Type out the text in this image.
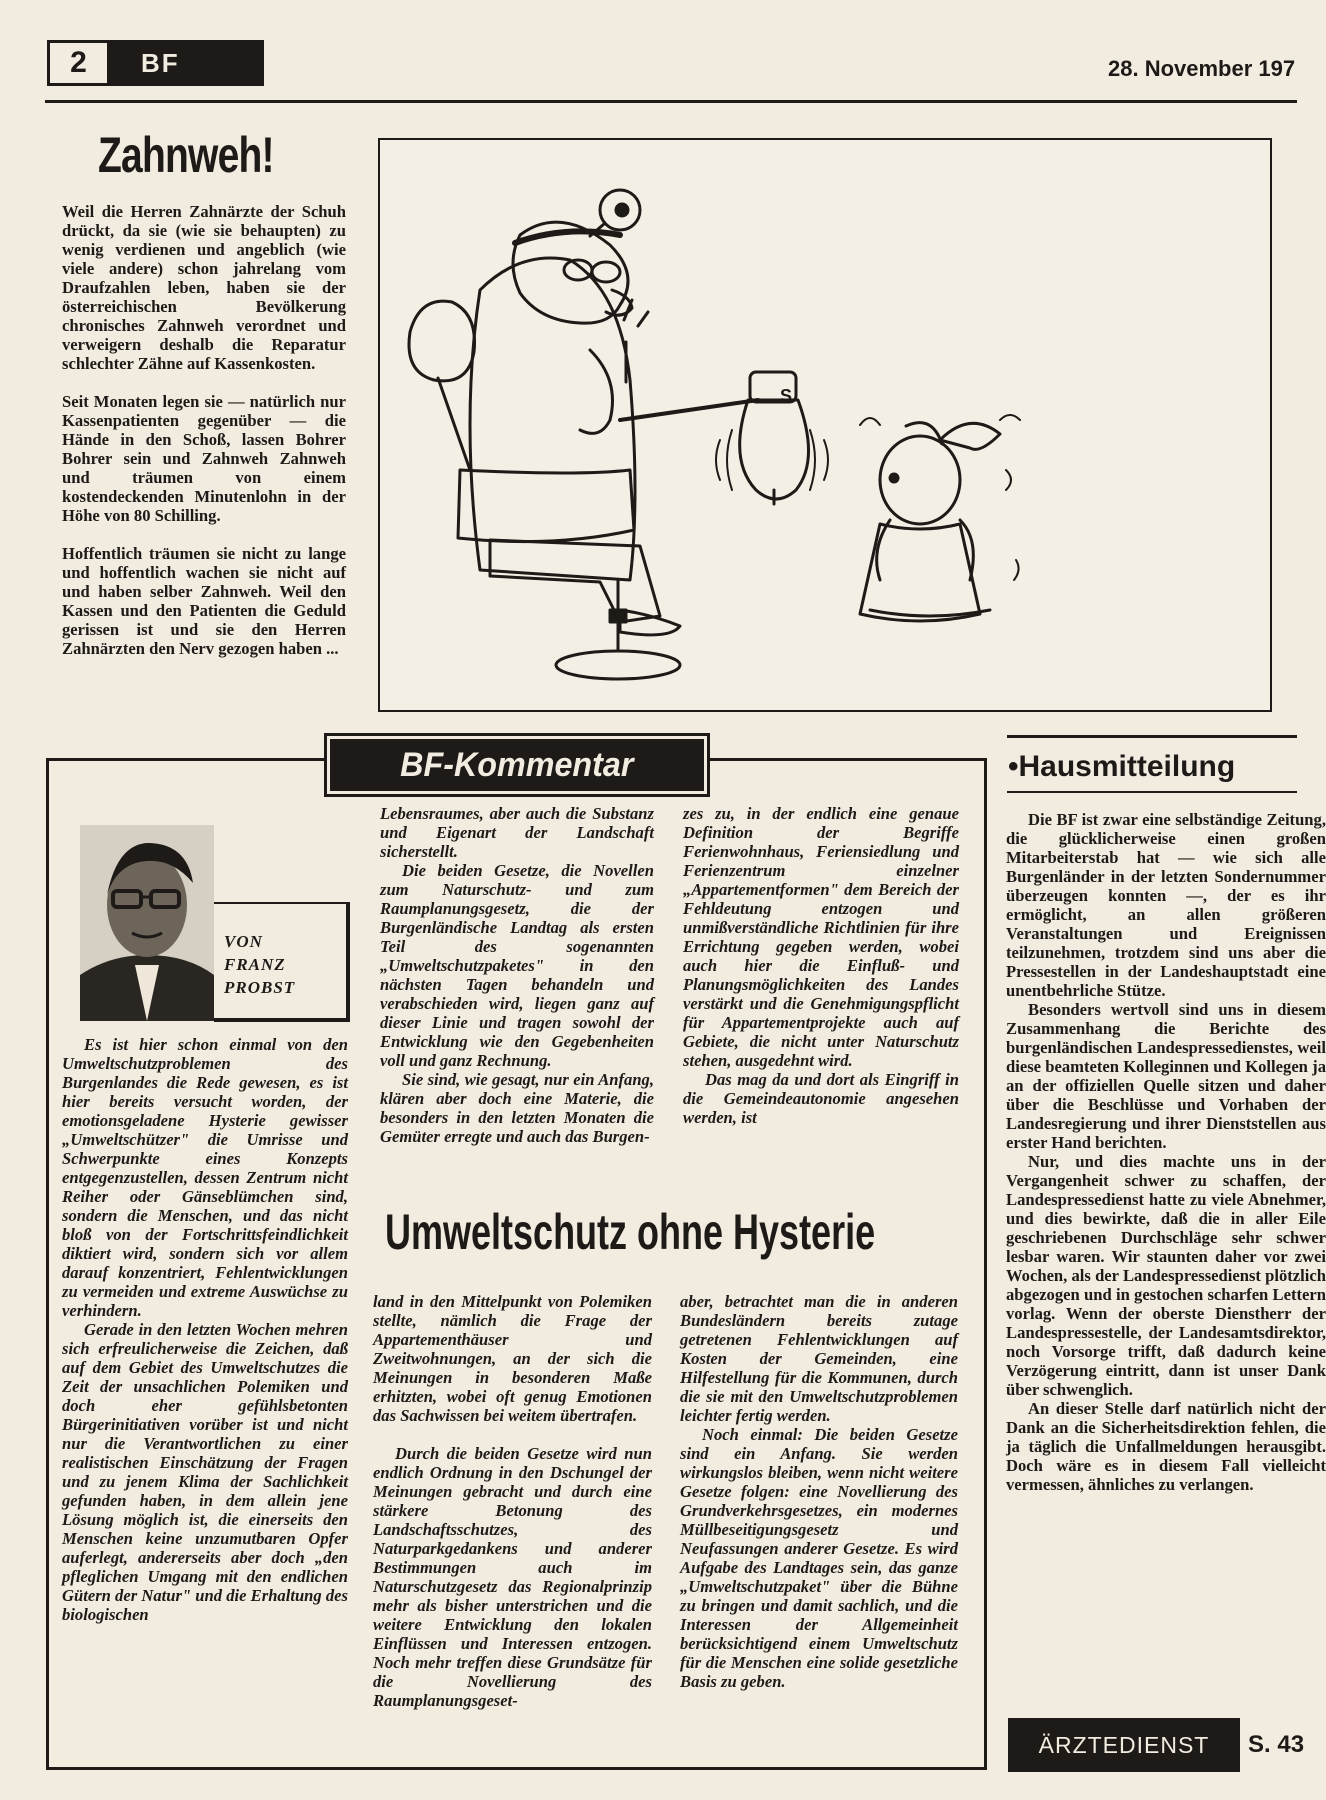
2	BF	28. November 197
Zahnweh!

Weil die Herren Zahnärzte der Schuh drückt, da sie (wie sie behaupten) zu wenig verdienen und angeblich (wie viele andere) schon jahrelang vom Draufzahlen leben, haben sie der österreichischen Bevölkerung chronisches Zahnweh verordnet und verweigern deshalb die Reparatur schlechter Zähne auf Kassenkosten.

Seit Monaten legen sie — natürlich nur Kassenpatienten gegenüber — die Hände in den Schoß, lassen Bohrer Bohrer sein und Zahnweh Zahnweh und träumen von einem kostendeckenden Minutenlohn in der Höhe von 80 Schilling.

Hoffentlich träumen sie nicht zu lange und hoffentlich wachen sie nicht auf und haben selber Zahnweh. Weil den Kassen und den Patienten die Geduld gerissen ist und sie den Herren Zahnärzten den Nerv gezogen haben ...

S
BF-Kommentar
VON
FRANZ
PROBST

Es ist hier schon einmal von den Umweltschutzproblemen des Burgenlandes die Rede gewesen, es ist hier bereits versucht worden, der emotionsgeladene Hysterie gewisser „Umweltschützer" die Umrisse und Schwerpunkte eines Konzepts entgegenzustellen, dessen Zentrum nicht Reiher oder Gänseblümchen sind, sondern die Menschen, und das nicht bloß von der Fortschrittsfeindlichkeit diktiert wird, sondern sich vor allem darauf konzentriert, Fehlentwicklungen zu vermeiden und extreme Auswüchse zu verhindern.

Gerade in den letzten Wochen mehren sich erfreulicherweise die Zeichen, daß auf dem Gebiet des Umweltschutzes die Zeit der unsachlichen Polemiken und doch eher gefühlsbetonten Bürgerinitiativen vorüber ist und nicht nur die Verantwortlichen zu einer realistischen Einschätzung der Fragen und zu jenem Klima der Sachlichkeit gefunden haben, in dem allein jene Lösung möglich ist, die einerseits den Menschen keine unzumutbaren Opfer auferlegt, andererseits aber doch „den pfleglichen Umgang mit den endlichen Gütern der Natur" und die Erhaltung des biologischen

Lebensraumes, aber auch die Substanz und Eigenart der Landschaft sicherstellt.

Die beiden Gesetze, die Novellen zum Naturschutz- und zum Raumplanungsgesetz, die der Burgenländische Landtag als ersten Teil des sogenannten „Umweltschutzpaketes" in den nächsten Tagen behandeln und verabschieden wird, liegen ganz auf dieser Linie und tragen sowohl der Entwicklung wie den Gegebenheiten voll und ganz Rechnung.

Sie sind, wie gesagt, nur ein Anfang, klären aber doch eine Materie, die besonders in den letzten Monaten die Gemüter erregte und auch das Burgen-

zes zu, in der endlich eine genaue Definition der Begriffe Ferienwohnhaus, Feriensiedlung und Ferienzentrum einzelner „Appartementformen" dem Bereich der Fehldeutung entzogen und unmißverständliche Richtlinien für ihre Errichtung gegeben werden, wobei auch hier die Einfluß- und Planungsmöglichkeiten des Landes verstärkt und die Genehmigungspflicht für Appartementprojekte auch auf Gebiete, die nicht unter Naturschutz stehen, ausgedehnt wird.

Das mag da und dort als Eingriff in die Gemeindeautonomie angesehen werden, ist

Umweltschutz ohne Hysterie

land in den Mittelpunkt von Polemiken stellte, nämlich die Frage der Appartementhäuser und Zweitwohnungen, an der sich die Meinungen in besonderen Maße erhitzten, wobei oft genug Emotionen das Sachwissen bei weitem übertrafen.

Durch die beiden Gesetze wird nun endlich Ordnung in den Dschungel der Meinungen gebracht und durch eine stärkere Betonung des Landschaftsschutzes, des Naturparkgedankens und anderer Bestimmungen auch im Naturschutzgesetz das Regionalprinzip mehr als bisher unterstrichen und die weitere Entwicklung den lokalen Einflüssen und Interessen entzogen. Noch mehr treffen diese Grundsätze für die Novellierung des Raumplanungsgeset-

aber, betrachtet man die in anderen Bundesländern bereits zutage getretenen Fehlentwicklungen auf Kosten der Gemeinden, eine Hilfestellung für die Kommunen, durch die sie mit den Umweltschutzproblemen leichter fertig werden.

Noch einmal: Die beiden Gesetze sind ein Anfang. Sie werden wirkungslos bleiben, wenn nicht weitere Gesetze folgen: eine Novellierung des Grundverkehrsgesetzes, ein modernes Müllbeseitigungsgesetz und Neufassungen anderer Gesetze. Es wird Aufgabe des Landtages sein, das ganze „Umweltschutzpaket" über die Bühne zu bringen und damit sachlich, und die Interessen der Allgemeinheit berücksichtigend einem Umweltschutz für die Menschen eine solide gesetzliche Basis zu geben.

•Hausmitteilung

Die BF ist zwar eine selbständige Zeitung, die glücklicherweise einen großen Mitarbeiterstab hat — wie sich alle Burgenländer in der letzten Sondernummer überzeugen konnten —, der es ihr ermöglicht, an allen größeren Veranstaltungen und Ereignissen teilzunehmen, trotzdem sind uns aber die Pressestellen in der Landeshauptstadt eine unentbehrliche Stütze.

Besonders wertvoll sind uns in diesem Zusammenhang die Berichte des burgenländischen Landespressedienstes, weil diese beamteten Kolleginnen und Kollegen ja an der offiziellen Quelle sitzen und daher über die Beschlüsse und Vorhaben der Landesregierung und ihrer Dienststellen aus erster Hand berichten.

Nur, und dies machte uns in der Vergangenheit schwer zu schaffen, der Landespressedienst hatte zu viele Abnehmer, und dies bewirkte, daß die in aller Eile geschriebenen Durchschläge sehr schwer lesbar waren. Wir staunten daher vor zwei Wochen, als der Landespressedienst plötzlich abgezogen und in gestochen scharfen Lettern vorlag. Wenn der oberste Dienstherr der Landespressestelle, der Landesamtsdirektor, noch Vorsorge trifft, daß dadurch keine Verzögerung eintritt, dann ist unser Dank über schwenglich.

An dieser Stelle darf natürlich nicht der Dank an die Sicherheitsdirektion fehlen, die ja täglich die Unfallmeldungen herausgibt. Doch wäre es in diesem Fall vielleicht vermessen, ähnliches zu verlangen.

ÄRZTEDIENST	S. 43
